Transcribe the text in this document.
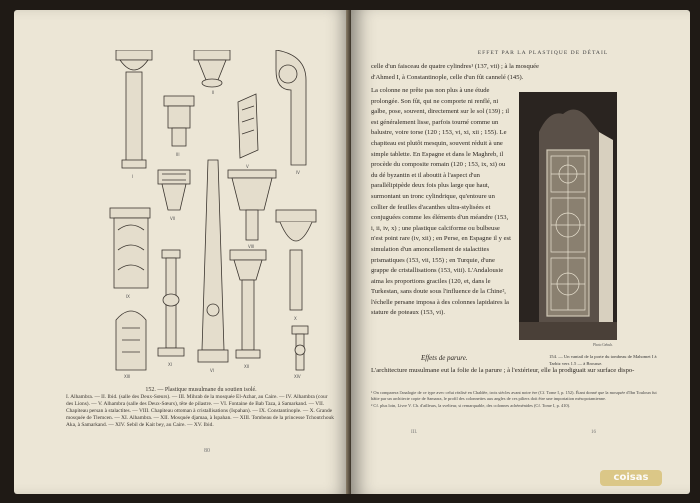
I
II
III
IV
V
VI
VII
VIII
IX
X
XI	XII
XIII	XIV
152. — Plastique musulmane du soutien isolé.
I. Alhambra. — II. Ibid. (salle des Deux-Sœurs). — III. Mihrab de la mosquée El-Azhar, au Caire. — IV. Alhambra (cour des Lions). — V. Alhambra (salle des Deux-Sœurs), tête de pilastre. — VI. Fontaine de Bab Taza, à Samarkand. — VII. Chapiteau persan à stalactites. — VIII. Chapiteau ottoman à cristallisations (Ispahan). — IX. Constantinople. — X. Grande mosquée de Tlemcen. — XI. Alhambra. — XII. Mosquée djamaa, à Ispahan. — XIII. Tombeau de la princesse Tchoutchouk Aka, à Samarkand. — XIV. Sebil de Kait bey, au Caire. — XV. Ibid.
80
EFFET PAR LA PLASTIQUE DE DÉTAIL
celle d'un faisceau de quatre cylindres¹ (137, vii) ; à la mosquée d'Ahmed I, à Constantinople, celle d'un fût cannelé (145).
La colonne ne prête pas non plus à une étude prolongée. Son fût, qui ne comporte ni renflé, ni galbe, pose, souvent, directement sur le sol (139) ; il est généralement lisse, parfois tourné comme un balustre, voire torse (120 ; 153, vi, xi, xii ; 155). Le chapiteau est plutôt mesquin, souvent réduit à une simple tablette. En Espagne et dans le Maghreb, il procède du composite romain (120 ; 153, ix, xi) ou du dé byzantin et il aboutit à l'aspect d'un parallélipipède deux fois plus large que haut, surmontant un tronc cylindrique, qu'entoure un collier de feuilles d'acanthes ultra-stylisées et conjuguées comme les éléments d'un méandre (153, i, ii, iv, x) ; une plastique calciforme ou bulbeuse n'est point rare (iv, xii) ; en Perse, en Espagne il y est simulation d'un amoncellement de stalactites prismatiques (153, vii, 155) ; en Turquie, d'une grappe de cristallisations (153, viii). L'Andalousie aima les proportions graciles (120, et, dans le Turkestan, sans doute sous l'influence de la Chine², l'échelle persane imposa à des colonnes lapidaires la stature de poteaux (153, vi).
Photo Gebuh.
154. — Un vantail de la porte du tombeau de Mahomet I à Tarbiz vers 1.5 — à Brousse.
Effets de parure.
L'architecture musulmane eut la folie de la parure ; à l'extérieur, elle la prodiguait sur surface dispo-
¹ On comparera l'analogie de ce type avec celui réalisé en Chaldée, trois siècles avant notre ère (Cf. Tome I, p. 152). Étant donné que la mosquée d'Ibn Touloun fut bâtie par un architecte copte de Samarra, le profil des colonnettes aux angles de ces piliers doit être une importation mésopotamienne.
² Cf. plus loin, Livre V. Ch. d'ailleurs, la svelteur, si remarquable, des colonnes achéménides (Cf. Tome I, p. 410).
III.	16
coisas
